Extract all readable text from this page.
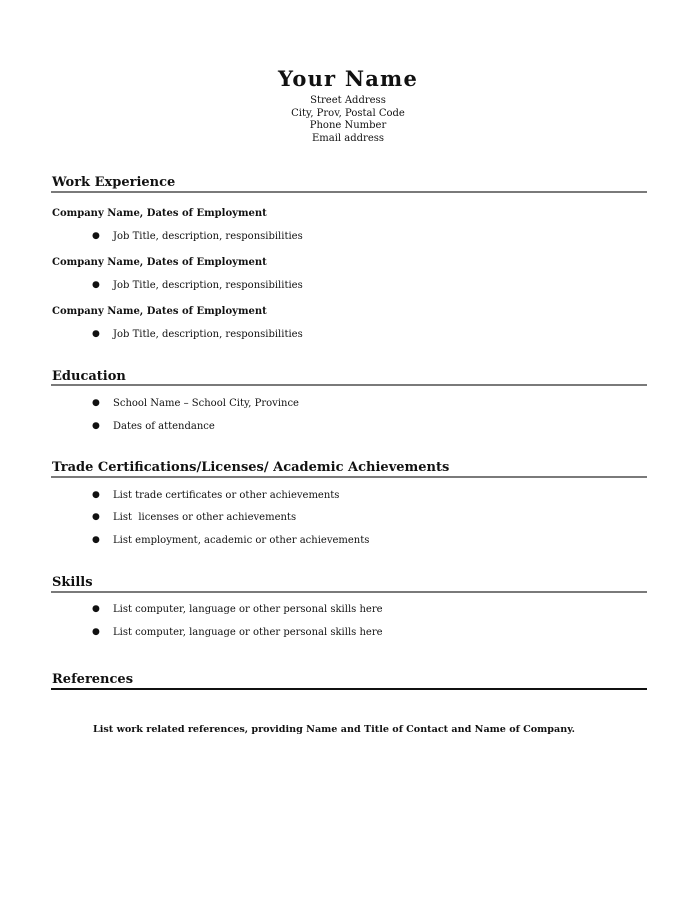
Your Name
Street Address
City, Prov, Postal Code
Phone Number
Email address
Work Experience
Company Name, Dates of Employment
● Job Title, description, responsibilities
Company Name, Dates of Employment
● Job Title, description, responsibilities
Company Name, Dates of Employment
● Job Title, description, responsibilities
Education
● School Name – School City, Province
● Dates of attendance
Trade Certifications/Licenses/ Academic Achievements
● List trade certificates or other achievements
● List  licenses or other achievements
● List employment, academic or other achievements
Skills
● List computer, language or other personal skills here
● List computer, language or other personal skills here
References
List work related references, providing Name and Title of Contact and Name of Company.
